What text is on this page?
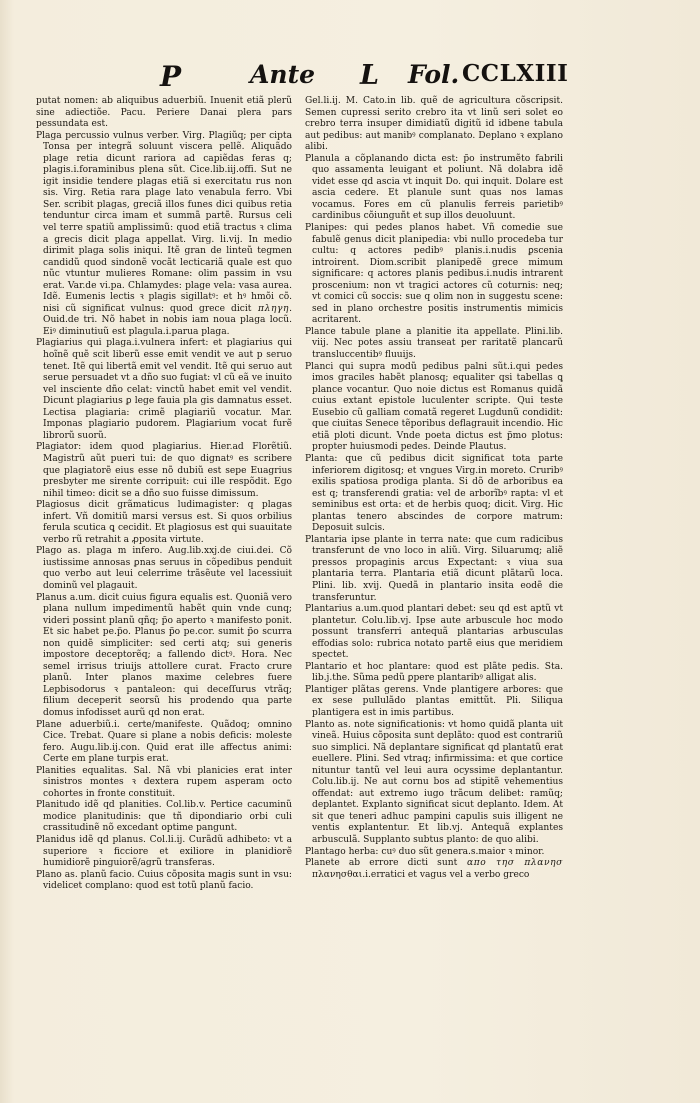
P	Ante L Fol. CCLXIII

putat nomen: ab aliquibus aduerbiũ. Inuenit etiã plerũ sine adiectiõe. Pacu. Periere Danai plera pars pessundata est.

Plaga percussio vulnus verber. Virg. Plagiũq; per cipta Tonsa per integrã soluunt viscera pellẽ. Aliquãdo plage retia dicunt rariora ad capiẽdas feras q; plagis.i.foraminibus plena sũt. Cice.lib.iij.offi. Sut ne igit insidie tendere plagas etiã si exercitatu rus non sis. Virg. Retia rara plage lato venabula ferro. Vbi Ser. scribit plagas, greciã illos funes dici quibus retia tenduntur circa imam et summã partẽ. Rursus celi vel terre spatiũ amplissimũ: quod etiã tractus ꝛ clima a grecis dicit plaga appellat. Virg. li.vij. In medio dirimit plaga solis iniqui. Itẽ gran de linteũ tegmen candidũ quod sindonẽ vocãt lecticariã quale est quo nũc vtuntur mulieres Romane: olim passim in vsu erat. Var.de vi.pa. Chlamydes: plage vela: vasa aurea. Idẽ. Eumenis lectis ꝛ plagis sigillatꝰ: et hꝰ hmõi cõ. nisi cũ significat vulnus: quod grece dicit πληγη. Ouid.de tri. Nõ habet in nobis iam noua plaga locũ. Eiꝰ diminutiuũ est plagula.i.parua plaga.

Plagiarius qui plaga.i.vulnera infert: et plagiarius qui hoĩnẽ quẽ scit liberũ esse emit vendit ve aut p seruo tenet. Itẽ qui libertã emit vel vendit. Itẽ qui seruo aut serue persuadet vt a dño suo fugiat: vl cũ eã ve inuito vel insciente dño celat: vinctũ habet emit vel vendit. Dicunt plagiarius ꝑ lege fauia pla gis damnatus esset. Lectisa plagiaria: crimẽ plagiariũ vocatur. Mar. Imponas plagiario pudorem. Plagiarium vocat furẽ librorũ suorũ.

Plagiator: idem quod plagiarius. Hier.ad Florẽtiũ. Magistrũ aũt pueri tui: de quo dignatꝰ es scribere que plagiatorẽ eius esse nõ dubiũ est sepe Euagrius presbyter me sirente corripuit: cui ille respõdit. Ego nihil timeo: dicit se a dño suo fuisse dimissum.

Plagiosus dicit grãmaticus ludimagister: q plagas infert. Vñ domitiũ marsi versus est. Si quos orbilius ferula scutica ꝗ cecidit. Et plagiosus est qui suauitate verbo rũ retrahit a ꝓposita virtute.

Plago as. plaga m infero. Aug.lib.xxj.de ciui.dei. Cõ iustissime annosas ꝑnas seruus in cõpedibus penduit quo verbo aut leui celerrime trãsẽute vel lacessiuit dominũ vel plagauit.

Planus a.um. dicit cuius figura equalis est. Quoniã vero plana nullum impedimentũ habẽt quin vnde cunq; videri possint planũ qñq; p̃o aperto ꝛ manifesto ponit. Et sic habet pe.p̃o. Planus p̃o pe.cor. sumit p̃o scurra non quidẽ simpliciter: sed certi atq; sui generis impostore deceptorẽq; a fallendo dictꝰ. Hora. Nec semel irrisus triuijs attollere curat. Fracto crure planũ. Inter planos maxime celebres fuere Lepbisodorus ꝛ pantaleon: qui deceſſurus vtrãq; filium deceperit seorsũ his prodendo qua parte domus infodisset aurũ qd non erat.

Plane aduerbiũ.i. certe/manifeste. Quãdoq; omnino Cice. Trebat. Quare si plane a nobis deficis: moleste fero. Augu.lib.ij.con. Quid erat ille affectus animi: Certe em plane turpis erat.

Planities equalitas. Sal. Nã vbi planicies erat inter sinistros montes ꝛ dextera rupem asperam octo cohortes in fronte constituit.

Planitudo idẽ qd planities. Col.lib.v. Pertice cacuminũ modice planitudinis: que tñ dipondiario orbi culi crassitudinẽ nõ excedant optime pangunt.

Planidus idẽ qd planus. Col.li.ij. Curãdũ adhibeto: vt a superiore ꝛ ficciore et exiliore in planidiorẽ humidiorẽ pinguiorẽ/agrũ transferas.

Plano as. planũ facio. Cuius cõposita magis sunt in vsu: videlicet complano: quod est totũ planũ facio.

Gel.li.ij. M. Cato.in lib. quẽ de agricultura cõscripsit. Semen cupressi serito crebro ita vt linũ seri solet eo crebro terra insuper dimidiatũ digitũ id idbene tabula aut pedibus: aut manibꝰ complanato. Deplano ꝛ explano alibi.

Planula a cõplanando dicta est: p̃o instrumẽto fabrili quo assamenta leuigant et poliunt. Nã dolabra idẽ videt esse qd ascia vt inquit Do. qui inquit. Dolare est ascia cedere. Et planule sunt quas nos lamas vocamus. Fores em cũ planulis ferreis parietibꝰ cardinibus cõiunguñt et sup illos deuoluunt.

Planipes: qui pedes planos habet. Vñ comedie sue fabulẽ genus dicit planipedia: vbi nullo procedeba tur cultu: q actores pedibꝰ planis.i.nudis ꝑscenia introirent. Diom.scribit planipedẽ grece mimum significare: q actores planis pedibus.i.nudis intrarent proscenium: non vt tragici actores cũ coturnis: neq; vt comici cũ soccis: sue q olim non in suggestu scene: sed in plano orchestre positis instrumentis mimicis acritarent.

Plance tabule plane a planitie ita appellate. Plini.lib. viij. Nec potes assiu transeat per raritatẽ plancarũ transluccentibꝰ fluuijs.

Planci qui supra modũ pedibus palni sũt.i.qui pedes imos graciles habẽt planosq; equaliter qsi tabellas ꝗ plance vocantur. Quo noie dictus est Romanus quidã cuius extant epistole luculenter scripte. Qui teste Eusebio cũ galliam comatã regeret Lugdunũ condidit: que ciuitas Senece tẽporibus deflagrauit incendio. Hic etiã ploti dicunt. Vnde poeta dictus est p̃mo plotus: propter huiusmodi pedes. Deinde Plautus.

Planta: que cũ pedibus dicit significat tota parte inferiorem digitosq; et vngues Virg.in moreto. Cruribꝰ exilis spatiosa prodiga planta. Si dõ de arboribus ea est q; transferendi gratia: vel de arborĩbꝰ rapta: vl et seminibus est orta: et de herbis quoq; dicit. Virg. Hic plantas tenero abscindes de corpore matrum: Deposuit sulcis.

Plantaria ipse plante in terra nate: que cum radicibus transferunt de vno loco in aliũ. Virg. Siluarumq; aliẽ pressos propaginis arcus Expectant: ꝛ viua sua plantaria terra. Plantaria etiã dicunt plãtarũ loca. Plini. lib. xvij. Quedã in plantario insita eodẽ die transferuntur.

Plantarius a.um.quod plantari debet: seu qd est aptũ vt plantetur. Colu.lib.vj. Ipse aute arbuscule hoc modo possunt transferri antequã plantarias arbusculas effodias solo: rubrica notato partẽ eius que meridiem spectet.

Plantario et hoc plantare: quod est plãte pedis. Sta. lib.j.the. Sũma pedũ ꝑpere plantaribꝰ alligat alis.

Plantiger plãtas gerens. Vnde plantigere arbores: que ex sese pullulãdo plantas emittũt. Pli. Siliqua plantigera est in imis partibus.

Planto as. note significationis: vt homo quidã planta uit vineã. Huius cõposita sunt deplãto: quod est contrariũ suo simplici. Nã deplantare significat qd plantatũ erat euellere. Plini. Sed vtraq; infirmissima: et que cortice nituntur tantũ vel leui aura ocyssime deplantantur. Colu.lib.ij. Ne aut cornu bos ad stipitẽ vehementius offendat: aut extremo iugo trãcum delibet: ramũq; deplantet. Explanto significat sicut deplanto. Idem. At sit que teneri adhuc pampini capulis suis illigent ne ventis explantentur. Et lib.vj. Antequã explantes arbusculã. Supplanto subtus planto: de quo alibi.

Plantago herba: cuꝰ duo sũt genera.s.maior ꝛ minor.

Planete ab errore dicti sunt απο τησ πλανησ πλανησθαι.i.erratici et vagus vel a verbo greco
